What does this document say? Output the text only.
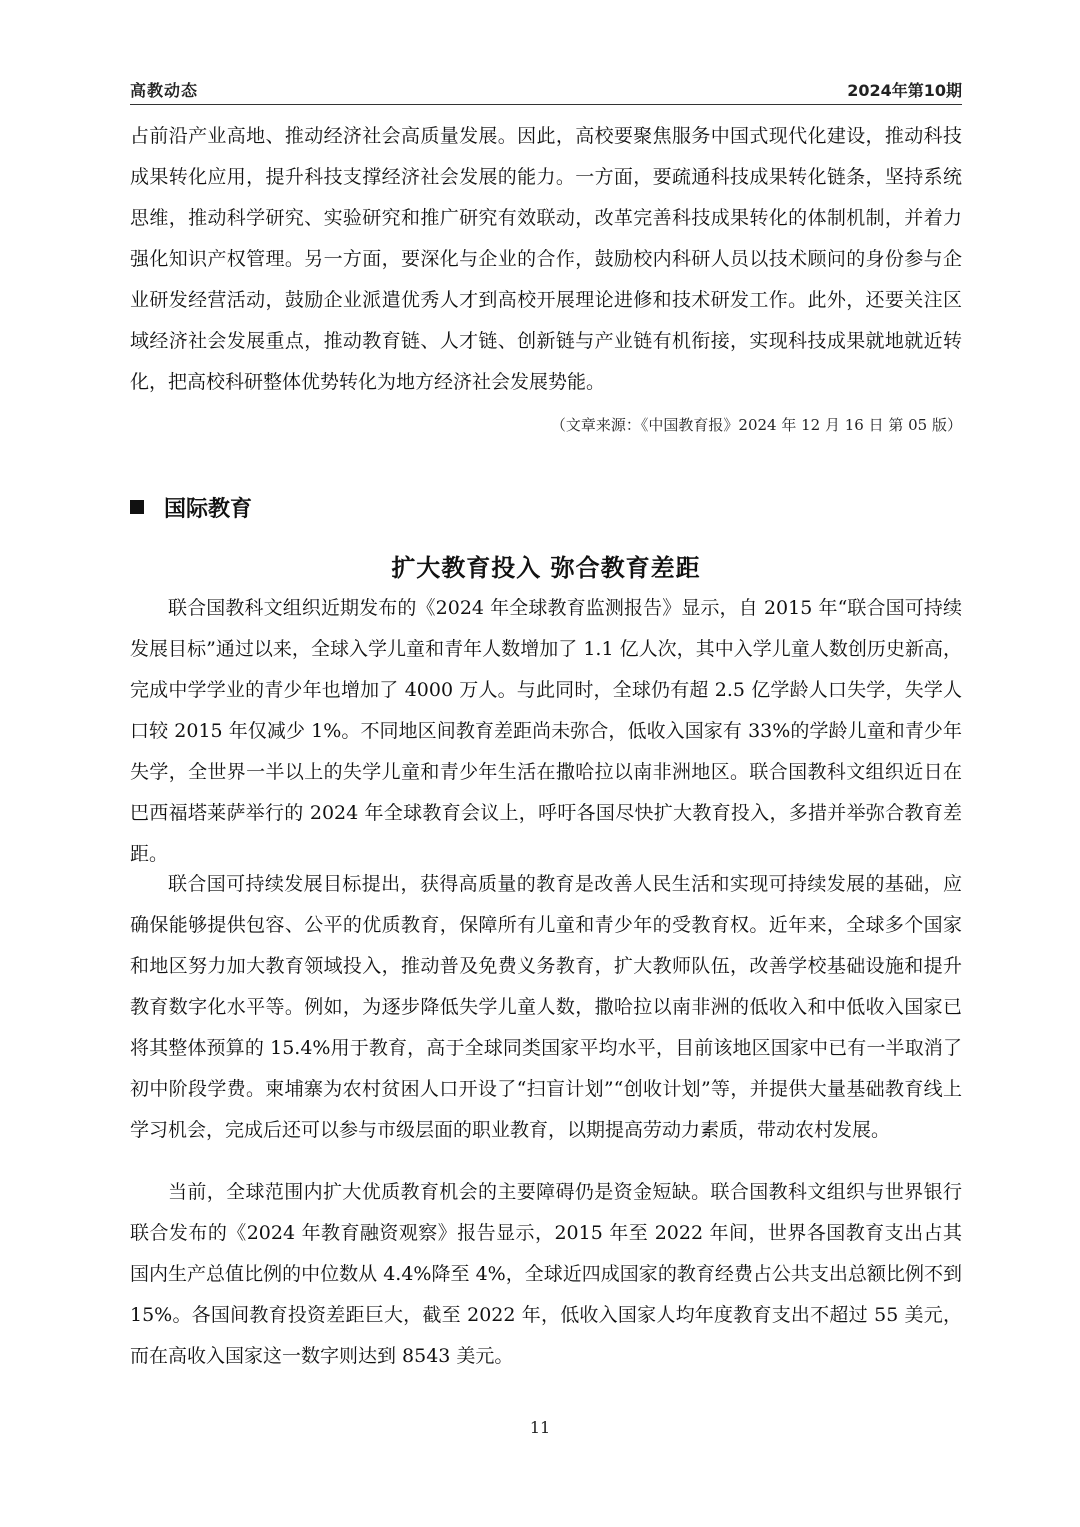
高教动态	2024年第10期

占前沿产业高地、推动经济社会高质量发展。因此，高校要聚焦服务中国式现代化建设，推动科技成果转化应用，提升科技支撑经济社会发展的能力。一方面，要疏通科技成果转化链条，坚持系统思维，推动科学研究、实验研究和推广研究有效联动，改革完善科技成果转化的体制机制，并着力强化知识产权管理。另一方面，要深化与企业的合作，鼓励校内科研人员以技术顾问的身份参与企业研发经营活动，鼓励企业派遣优秀人才到高校开展理论进修和技术研发工作。此外，还要关注区域经济社会发展重点，推动教育链、人才链、创新链与产业链有机衔接，实现科技成果就地就近转化，把高校科研整体优势转化为地方经济社会发展势能。

（文章来源：《中国教育报》2024 年 12 月 16 日 第 05 版）
国际教育
扩大教育投入 弥合教育差距

联合国教科文组织近期发布的《2024 年全球教育监测报告》显示，自 2015 年“联合国可持续发展目标”通过以来，全球入学儿童和青年人数增加了 1.1 亿人次，其中入学儿童人数创历史新高，完成中学学业的青少年也增加了 4000 万人。与此同时，全球仍有超 2.5 亿学龄人口失学，失学人口较 2015 年仅减少 1%。不同地区间教育差距尚未弥合，低收入国家有 33%的学龄儿童和青少年失学，全世界一半以上的失学儿童和青少年生活在撒哈拉以南非洲地区。联合国教科文组织近日在巴西福塔莱萨举行的 2024 年全球教育会议上，呼吁各国尽快扩大教育投入，多措并举弥合教育差距。

联合国可持续发展目标提出，获得高质量的教育是改善人民生活和实现可持续发展的基础，应确保能够提供包容、公平的优质教育，保障所有儿童和青少年的受教育权。近年来，全球多个国家和地区努力加大教育领域投入，推动普及免费义务教育，扩大教师队伍，改善学校基础设施和提升教育数字化水平等。例如，为逐步降低失学儿童人数，撒哈拉以南非洲的低收入和中低收入国家已将其整体预算的 15.4%用于教育，高于全球同类国家平均水平，目前该地区国家中已有一半取消了初中阶段学费。柬埔寨为农村贫困人口开设了“扫盲计划”“创收计划”等，并提供大量基础教育线上学习机会，完成后还可以参与市级层面的职业教育，以期提高劳动力素质，带动农村发展。

当前，全球范围内扩大优质教育机会的主要障碍仍是资金短缺。联合国教科文组织与世界银行联合发布的《2024 年教育融资观察》报告显示，2015 年至 2022 年间，世界各国教育支出占其国内生产总值比例的中位数从 4.4%降至 4%，全球近四成国家的教育经费占公共支出总额比例不到 15%。各国间教育投资差距巨大，截至 2022 年，低收入国家人均年度教育支出不超过 55 美元，而在高收入国家这一数字则达到 8543 美元。

11
